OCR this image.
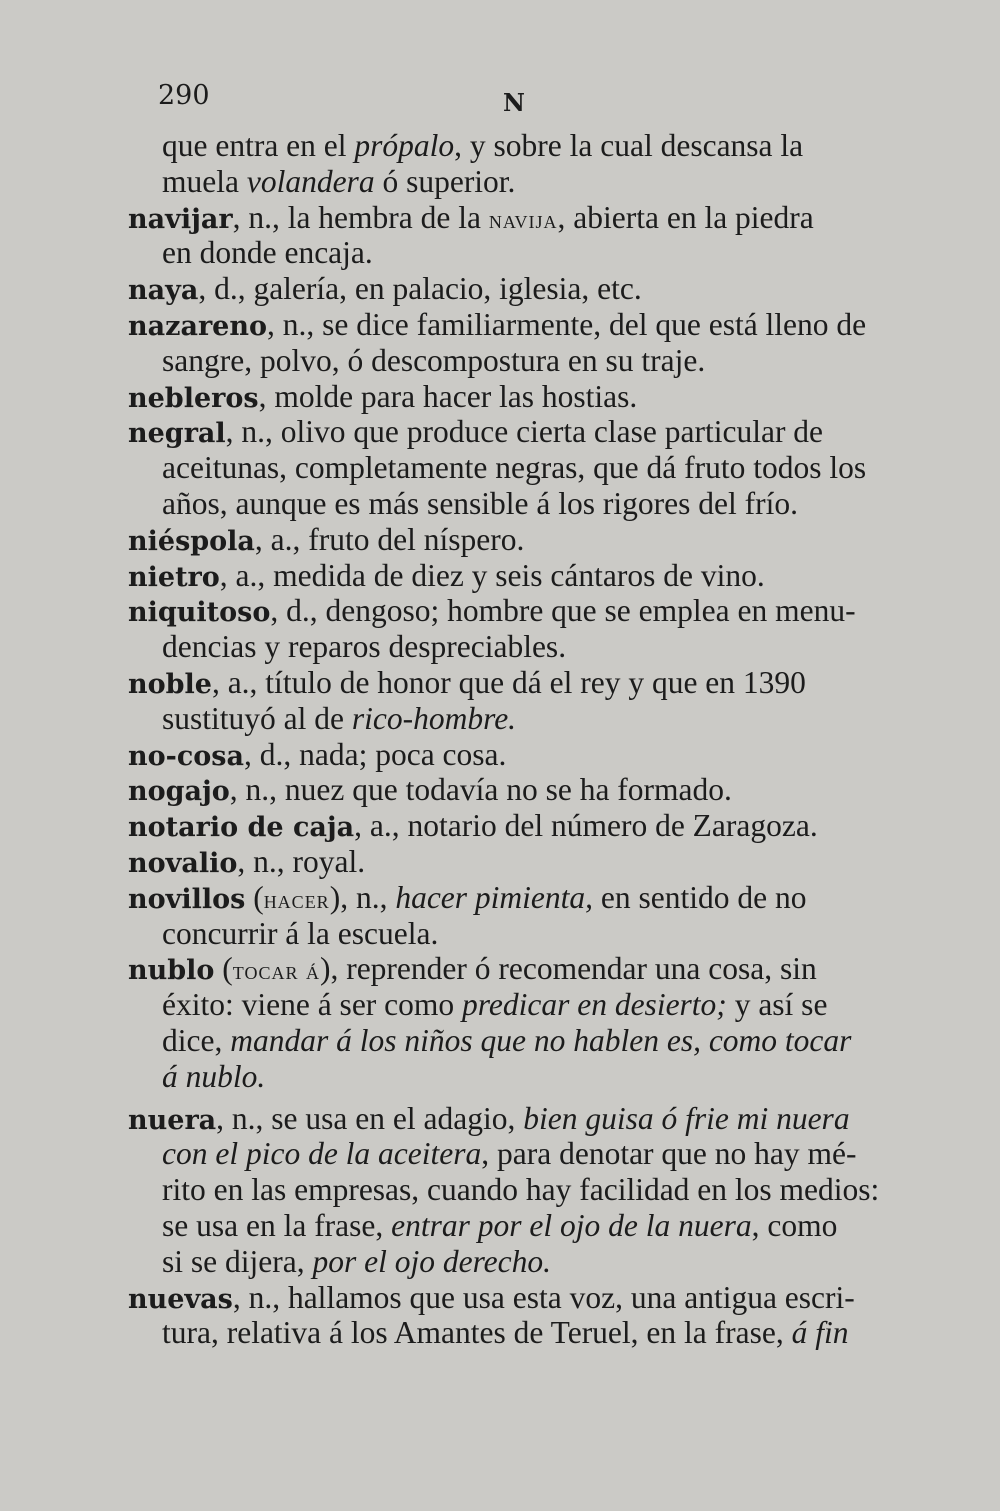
290	N
que entra en el própalo, y sobre la cual descansa la
muela volandera ó superior.
navijar, n., la hembra de la navija, abierta en la piedra
en donde encaja.
naya, d., galería, en palacio, iglesia, etc.
nazareno, n., se dice familiarmente, del que está lleno de
sangre, polvo, ó descompostura en su traje.
nebleros, molde para hacer las hostias.
negral, n., olivo que produce cierta clase particular de
aceitunas, completamente negras, que dá fruto todos los
años, aunque es más sensible á los rigores del frío.
niéspola, a., fruto del níspero.
nietro, a., medida de diez y seis cántaros de vino.
niquitoso, d., dengoso; hombre que se emplea en menu-
dencias y reparos despreciables.
noble, a., título de honor que dá el rey y que en 1390
sustituyó al de rico-hombre.
no-cosa, d., nada; poca cosa.
nogajo, n., nuez que todavía no se ha formado.
notario de caja, a., notario del número de Zaragoza.
novalio, n., royal.
novillos (hacer), n., hacer pimienta, en sentido de no
concurrir á la escuela.
nublo (tocar á), reprender ó recomendar una cosa, sin
éxito: viene á ser como predicar en desierto; y así se
dice, mandar á los niños que no hablen es, como tocar
á nublo.
nuera, n., se usa en el adagio, bien guisa ó frie mi nuera
con el pico de la aceitera, para denotar que no hay mé-
rito en las empresas, cuando hay facilidad en los medios:
se usa en la frase, entrar por el ojo de la nuera, como
si se dijera, por el ojo derecho.
nuevas, n., hallamos que usa esta voz, una antigua escri-
tura, relativa á los Amantes de Teruel, en la frase, á fin
